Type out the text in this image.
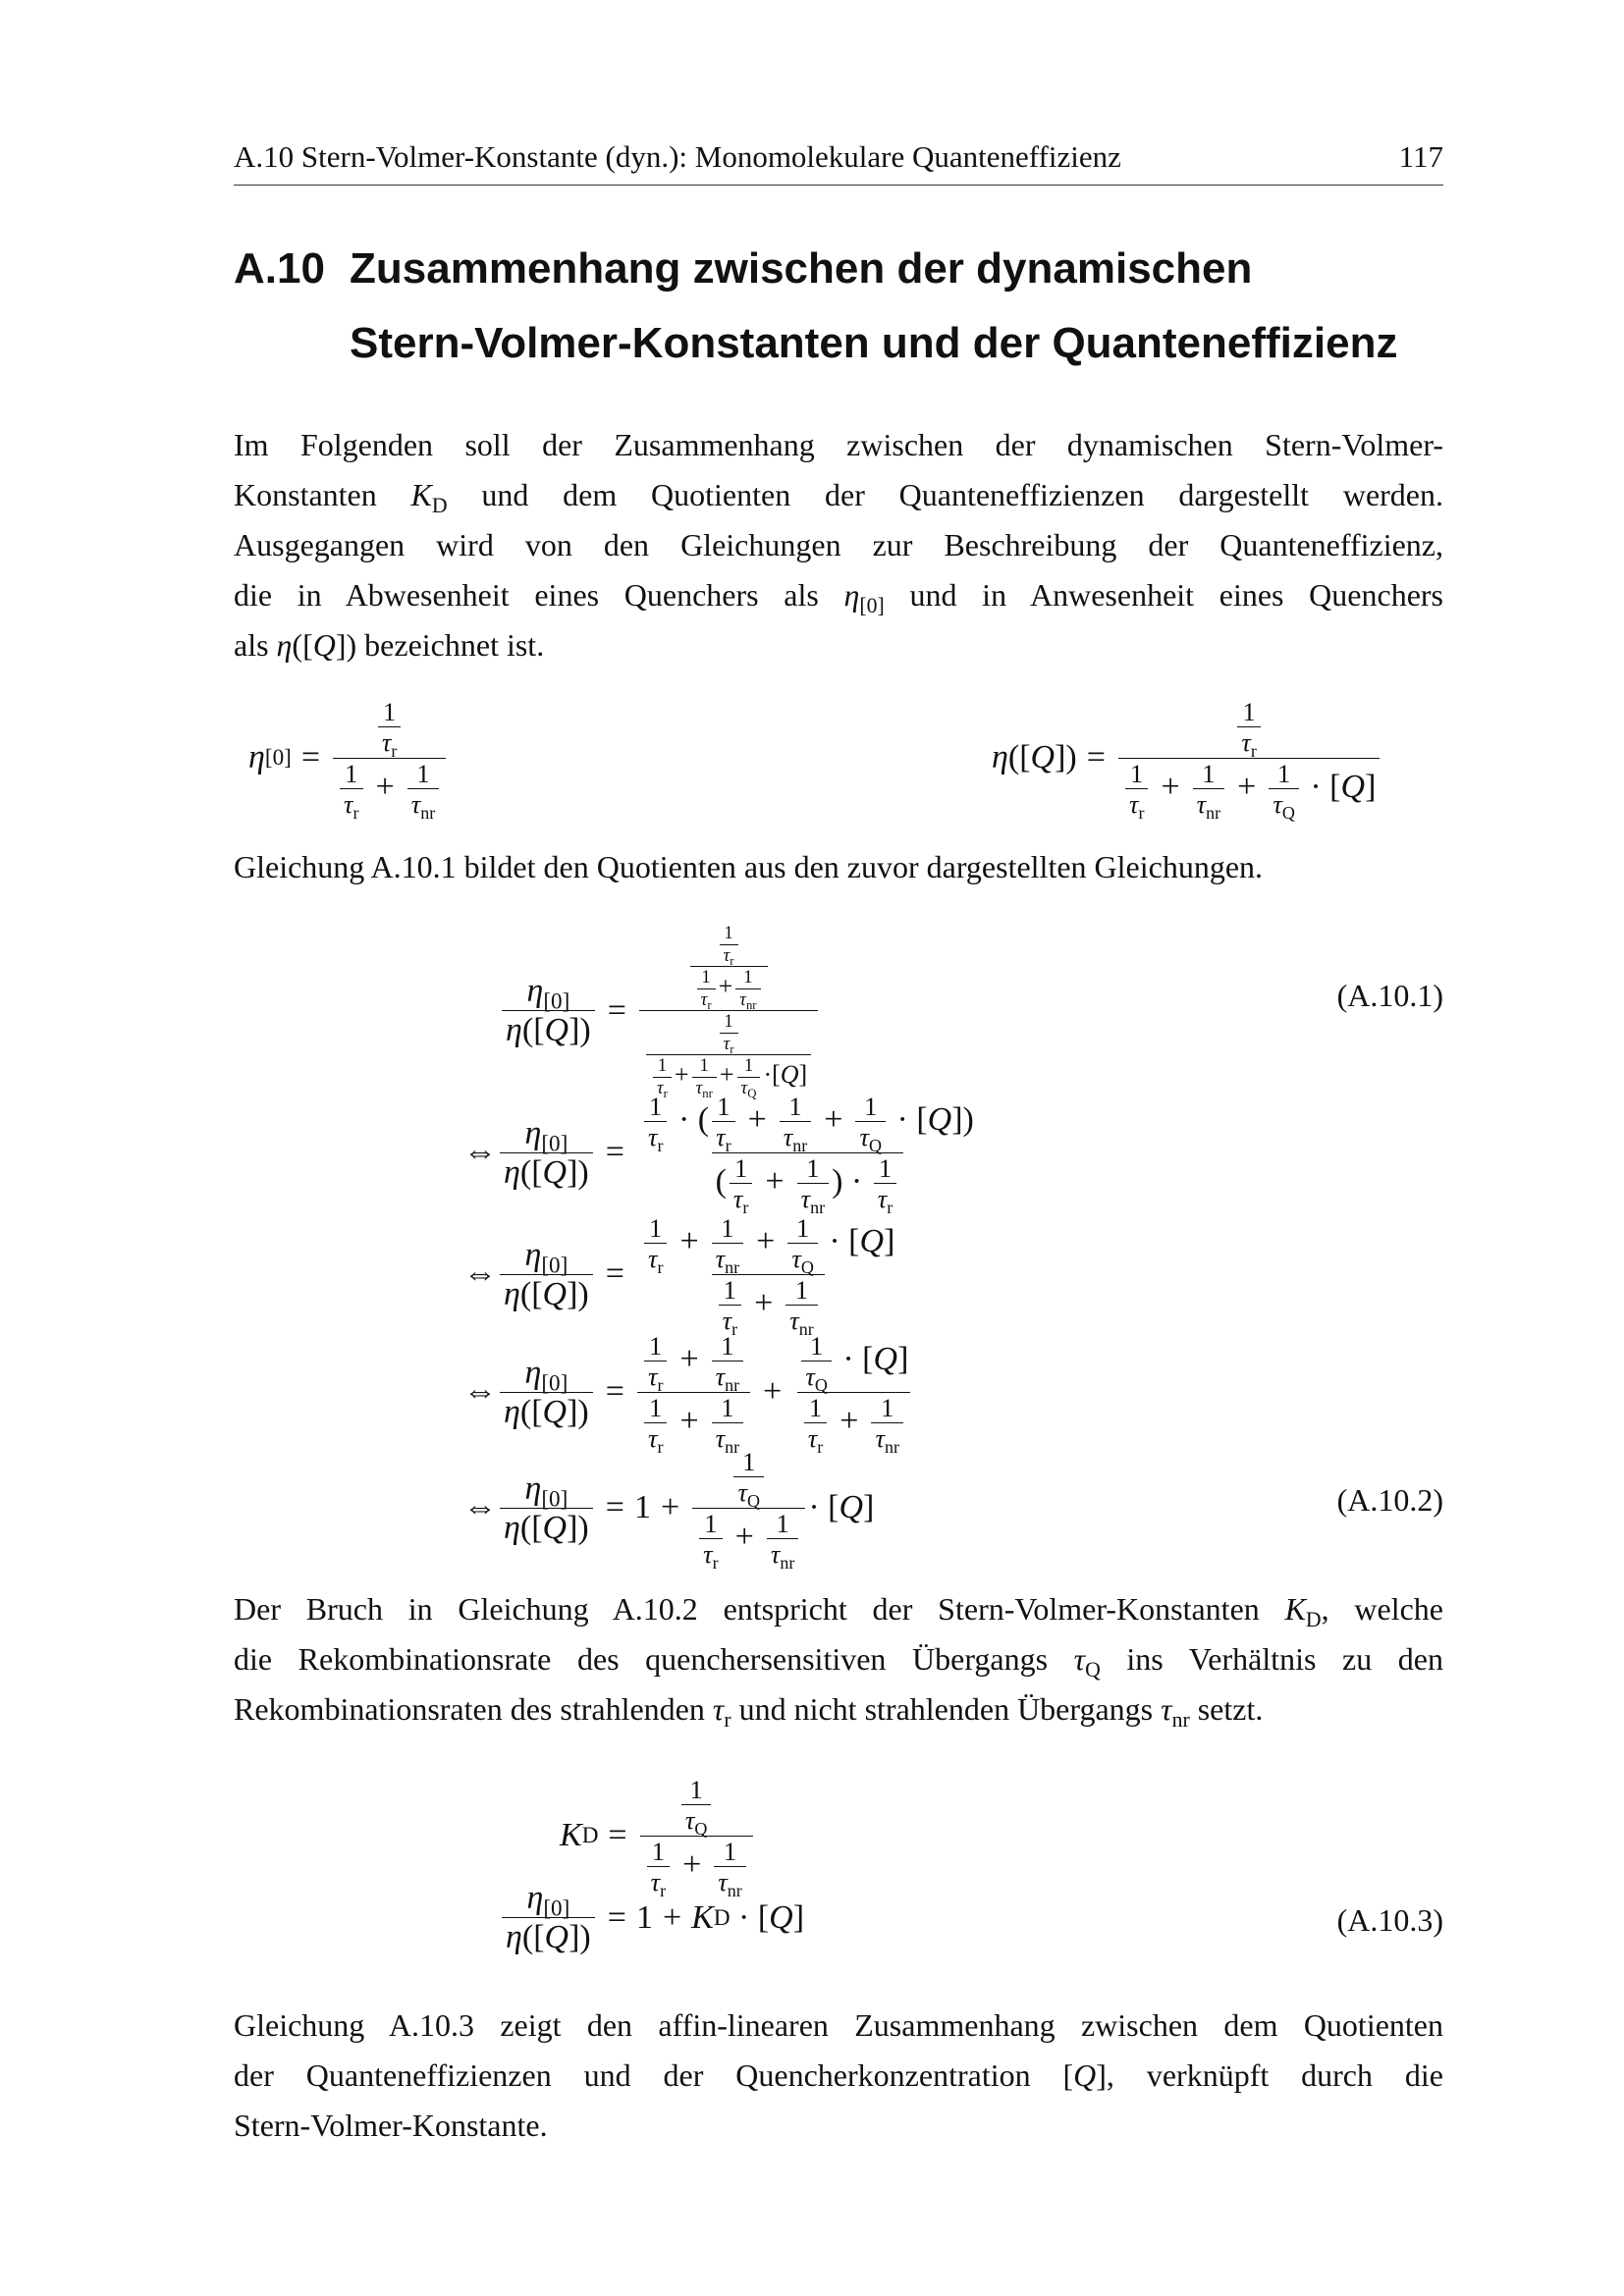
A.10 Stern-Volmer-Konstante (dyn.): Monomolekulare Quanteneffizienz	117
A.10 Zusammenhang zwischen der dynamischen
Stern-Volmer-Konstanten und der Quanteneffizienz
Im Folgenden soll der Zusammenhang zwischen der dynamischen Stern-Volmer-
Konstanten $K_D$ und dem Quotienten der Quanteneffizienzen dargestellt werden.
Ausgegangen wird von den Gleichungen zur Beschreibung der Quanteneffizienz,
die in Abwesenheit eines Quenchers als $\eta_{[0]}$ und in Anwesenheit eines Quenchers
als η([Q]) bezeichnet ist.
η $[0] = \frac{\frac{1}{\tau_r}}{\frac{1}{\tau_r} + \frac{1}{\tau_{nr}}}$	η ([ Q ]) = $\frac{\frac{1}{\tau_r}}{\frac{1}{\tau_r} + \frac{1}{\tau_{nr}} + \frac{1}{\tau_Q} \cdot [Q]}$
Gleichung A.10.1 bildet den Quotienten aus den zuvor dargestellten Gleichungen.
$\frac{\eta_{[0]}}{\eta([Q])} = \frac{\frac{\frac{1}{\tau_r}}{\frac{1}{\tau_r} + \frac{1}{\tau_{nr}}}}{\frac{\frac{1}{\tau_r}}{\frac{1}{\tau_r} + \frac{1}{\tau_{nr}} + \frac{1}{\tau_Q} \cdot[Q]}}$	(A.10.1)
⇔ $\frac{\eta_{[0]}}{\eta([Q])} = \frac{\frac{1}{\tau_r} \cdot ( \frac{1}{\tau_r} + \frac{1}{\tau_{nr}} + \frac{1}{\tau_Q} \cdot [Q])}{( \frac{1}{\tau_r} + \frac{1}{\tau_{nr}} ) \cdot \frac{1}{\tau_r}}$
⇔ $\frac{\eta_{[0]}}{\eta([Q])} = \frac{\frac{1}{\tau_r} + \frac{1}{\tau_{nr}} + \frac{1}{\tau_Q} \cdot [Q]}{\frac{1}{\tau_r} + \frac{1}{\tau_{nr}}}$
⇔ $\frac{\eta_{[0]}}{\eta([Q])} = \frac{\frac{1}{\tau_r} + \frac{1}{\tau_{nr}}}{\frac{1}{\tau_r} + \frac{1}{\tau_{nr}}} + \frac{\frac{1}{\tau_Q} \cdot [Q]}{\frac{1}{\tau_r} + \frac{1}{\tau_{nr}}}$
⇔ $\frac{\eta_{[0]}}{\eta([Q])} = 1 + \frac{\frac{1}{\tau_Q}}{\frac{1}{\tau_r} + \frac{1}{\tau_{nr}}} \cdot [Q]$	(A.10.2)
Der Bruch in Gleichung A.10.2 entspricht der Stern-Volmer-Konstanten $K_D$, welche
die Rekombinationsrate des quenchersensitiven Übergangs $\tau_Q$ ins Verhältnis zu den
Rekombinationsraten des strahlenden $\tau_r$ und nicht strahlenden Übergangs $\tau_{nr}$ setzt.
K $D = \frac{\frac{1}{\tau_Q}}{\frac{1}{\tau_r} + \frac{1}{\tau_{nr}}}$
$\frac{\eta_{[0]}}{\eta([Q])} = 1 + K$ D · [ Q ]	(A.10.3)
Gleichung A.10.3 zeigt den affin-linearen Zusammenhang zwischen dem Quotienten
der Quanteneffizienzen und der Quencherkonzentration [Q], verknüpft durch die
Stern-Volmer-Konstante.
